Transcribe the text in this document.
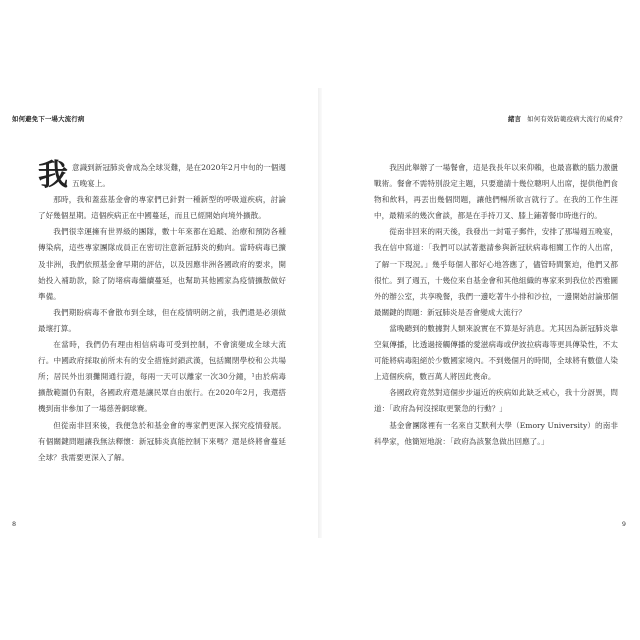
如何避免下一場大流行病

我意識到新冠肺炎會成為全球災難，是在2020年2月中旬的一個週五晚宴上。

那時，我和蓋茲基金會的專家們已針對一種新型的呼吸道疾病，討論了好幾個星期。這個疾病正在中國蔓延，而且已經開始向境外擴散。

我們很幸運擁有世界級的團隊，數十年來都在追蹤、治療和預防各種傳染病，這些專家團隊成員正在密切注意新冠肺炎的動向。當時病毒已擴及非洲，我們依照基金會早期的評估，以及因應非洲各國政府的要求，開始投入補助款，除了防堵病毒繼續蔓延，也幫助其他國家為疫情擴散做好準備。

我們期盼病毒不會散布到全球，但在疫情明朗之前，我們還是必須做最壞打算。

在當時，我們仍有理由相信病毒可受到控制，不會演變成全球大流行。中國政府採取前所未有的安全措施封鎖武漢，包括關閉學校和公共場所；居民外出須攤開通行證，每兩一天可以離家一次30分鐘，¹由於病毒擴散範圍仍有限，各國政府還是讓民眾自由旅行。在2020年2月，我還搭機到南非參加了一場慈善網球賽。

但從南非回來後，我便急於和基金會的專家們更深入探究疫情發展。有個關鍵問題讓我無法釋懷：新冠肺炎真能控制下來嗎？還是終將會蔓延全球？我需要更深入了解。

8
緒言 如何有效防範疫病大流行的威脅？

我因此舉辦了一場餐會，這是我長年以來仰賴，也最喜歡的腦力激盪戰術。餐會不需特別設定主題，只要邀請十幾位聰明人出席，提供他們食物和飲料，再丟出幾個問題，讓他們暢所欲言就行了。在我的工作生涯中，最精采的幾次會談，都是在手持刀叉、膝上鋪著餐巾時進行的。

從南非回來的兩天後，我發出一封電子郵件，安排了那場週五晚宴，我在信中寫道：「我們可以試著邀請參與新冠狀病毒相關工作的人出席，了解一下現況。」幾乎每個人都好心地答應了，儘管時間緊迫，他們又都很忙。到了週五，十幾位來自基金會和其他組織的專家來到我位於西雅圖外的辦公室，共享晚餐，我們一邊吃著牛小排和沙拉，一邊開始討論那個最關鍵的問題：新冠肺炎是否會變成大流行？

當晚聽到的數據對人類來說實在不算是好消息。尤其因為新冠肺炎靠空氣傳播，比透過接觸傳播的愛滋病毒或伊波拉病毒等更具傳染性，不太可能將病毒阻絕於少數國家境內。不到幾個月的時間，全球將有數億人染上這個疾病，數百萬人將因此喪命。

各國政府竟然對這個步步逼近的疾病如此缺乏戒心，我十分訝異，問道：「政府為何沒採取更緊急的行動？」

基金會團隊裡有一名來自艾默利大學（Emory University）的南非科學家，他簡短地說：「政府為該緊急做出回應了。」

9
